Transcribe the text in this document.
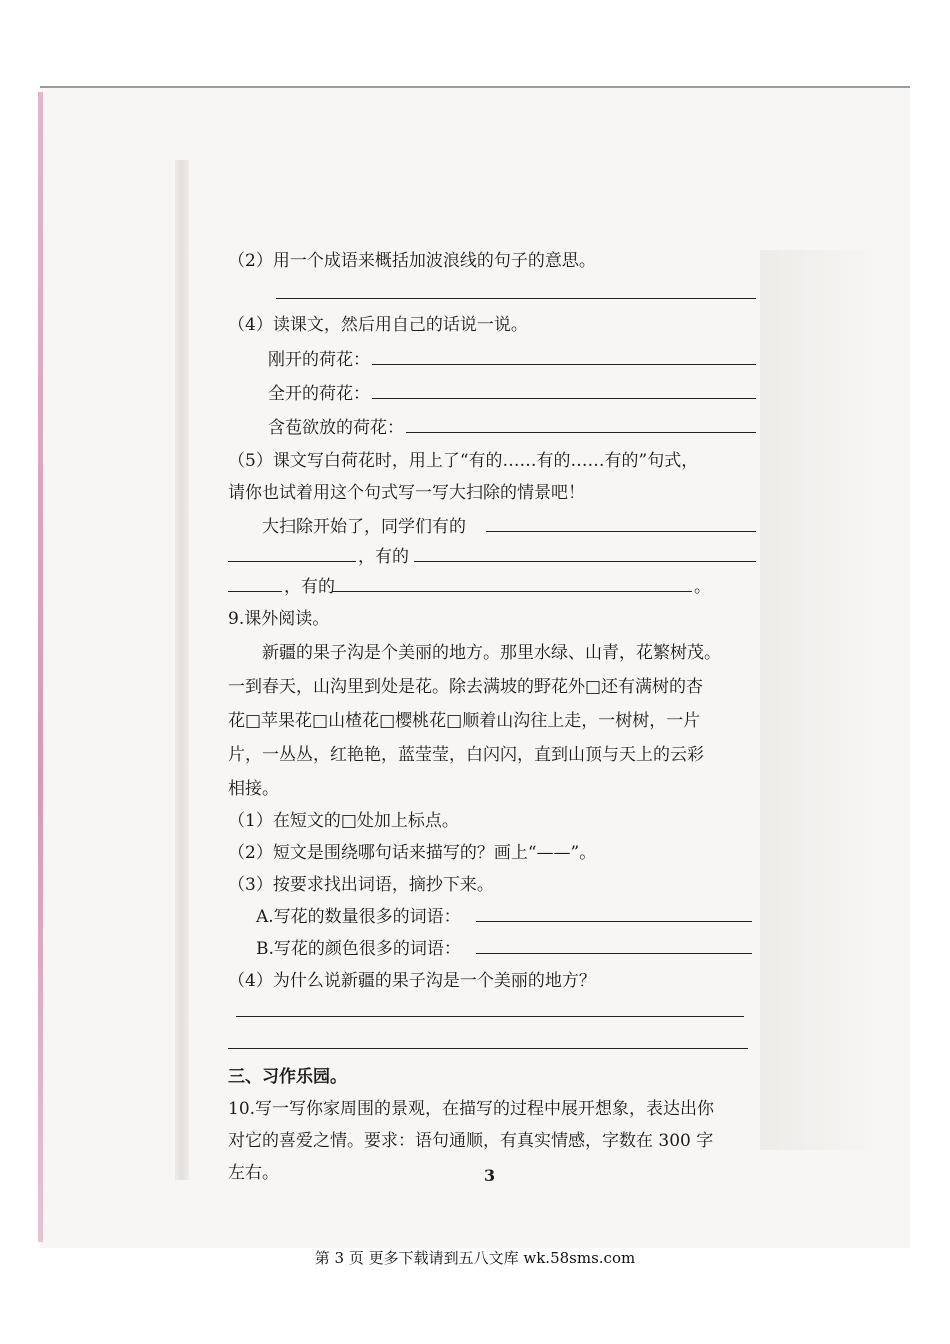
（2）用一个成语来概括加波浪线的句子的意思。
（4）读课文，然后用自己的话说一说。
刚开的荷花：
全开的荷花：
含苞欲放的荷花：
（5）课文写白荷花时，用上了“有的……有的……有的”句式，
请你也试着用这个句式写一写大扫除的情景吧！
大扫除开始了，同学们有的
，有的
，有的	。
9.课外阅读。
新疆的果子沟是个美丽的地方。那里水绿、山青，花繁树茂。
一到春天，山沟里到处是花。除去满坡的野花外□还有满树的杏
花□苹果花□山楂花□樱桃花□顺着山沟往上走，一树树，一片
片，一丛丛，红艳艳，蓝莹莹，白闪闪，直到山顶与天上的云彩
相接。
（1）在短文的□处加上标点。
（2）短文是围绕哪句话来描写的？画上“——”。
（3）按要求找出词语，摘抄下来。
A.写花的数量很多的词语：
B.写花的颜色很多的词语：
（4）为什么说新疆的果子沟是一个美丽的地方？
三、习作乐园。
10.写一写你家周围的景观，在描写的过程中展开想象，表达出你
对它的喜爱之情。要求：语句通顺，有真实情感，字数在 300 字
左右。	3
第 3 页 更多下载请到五八文库 wk.58sms.com
